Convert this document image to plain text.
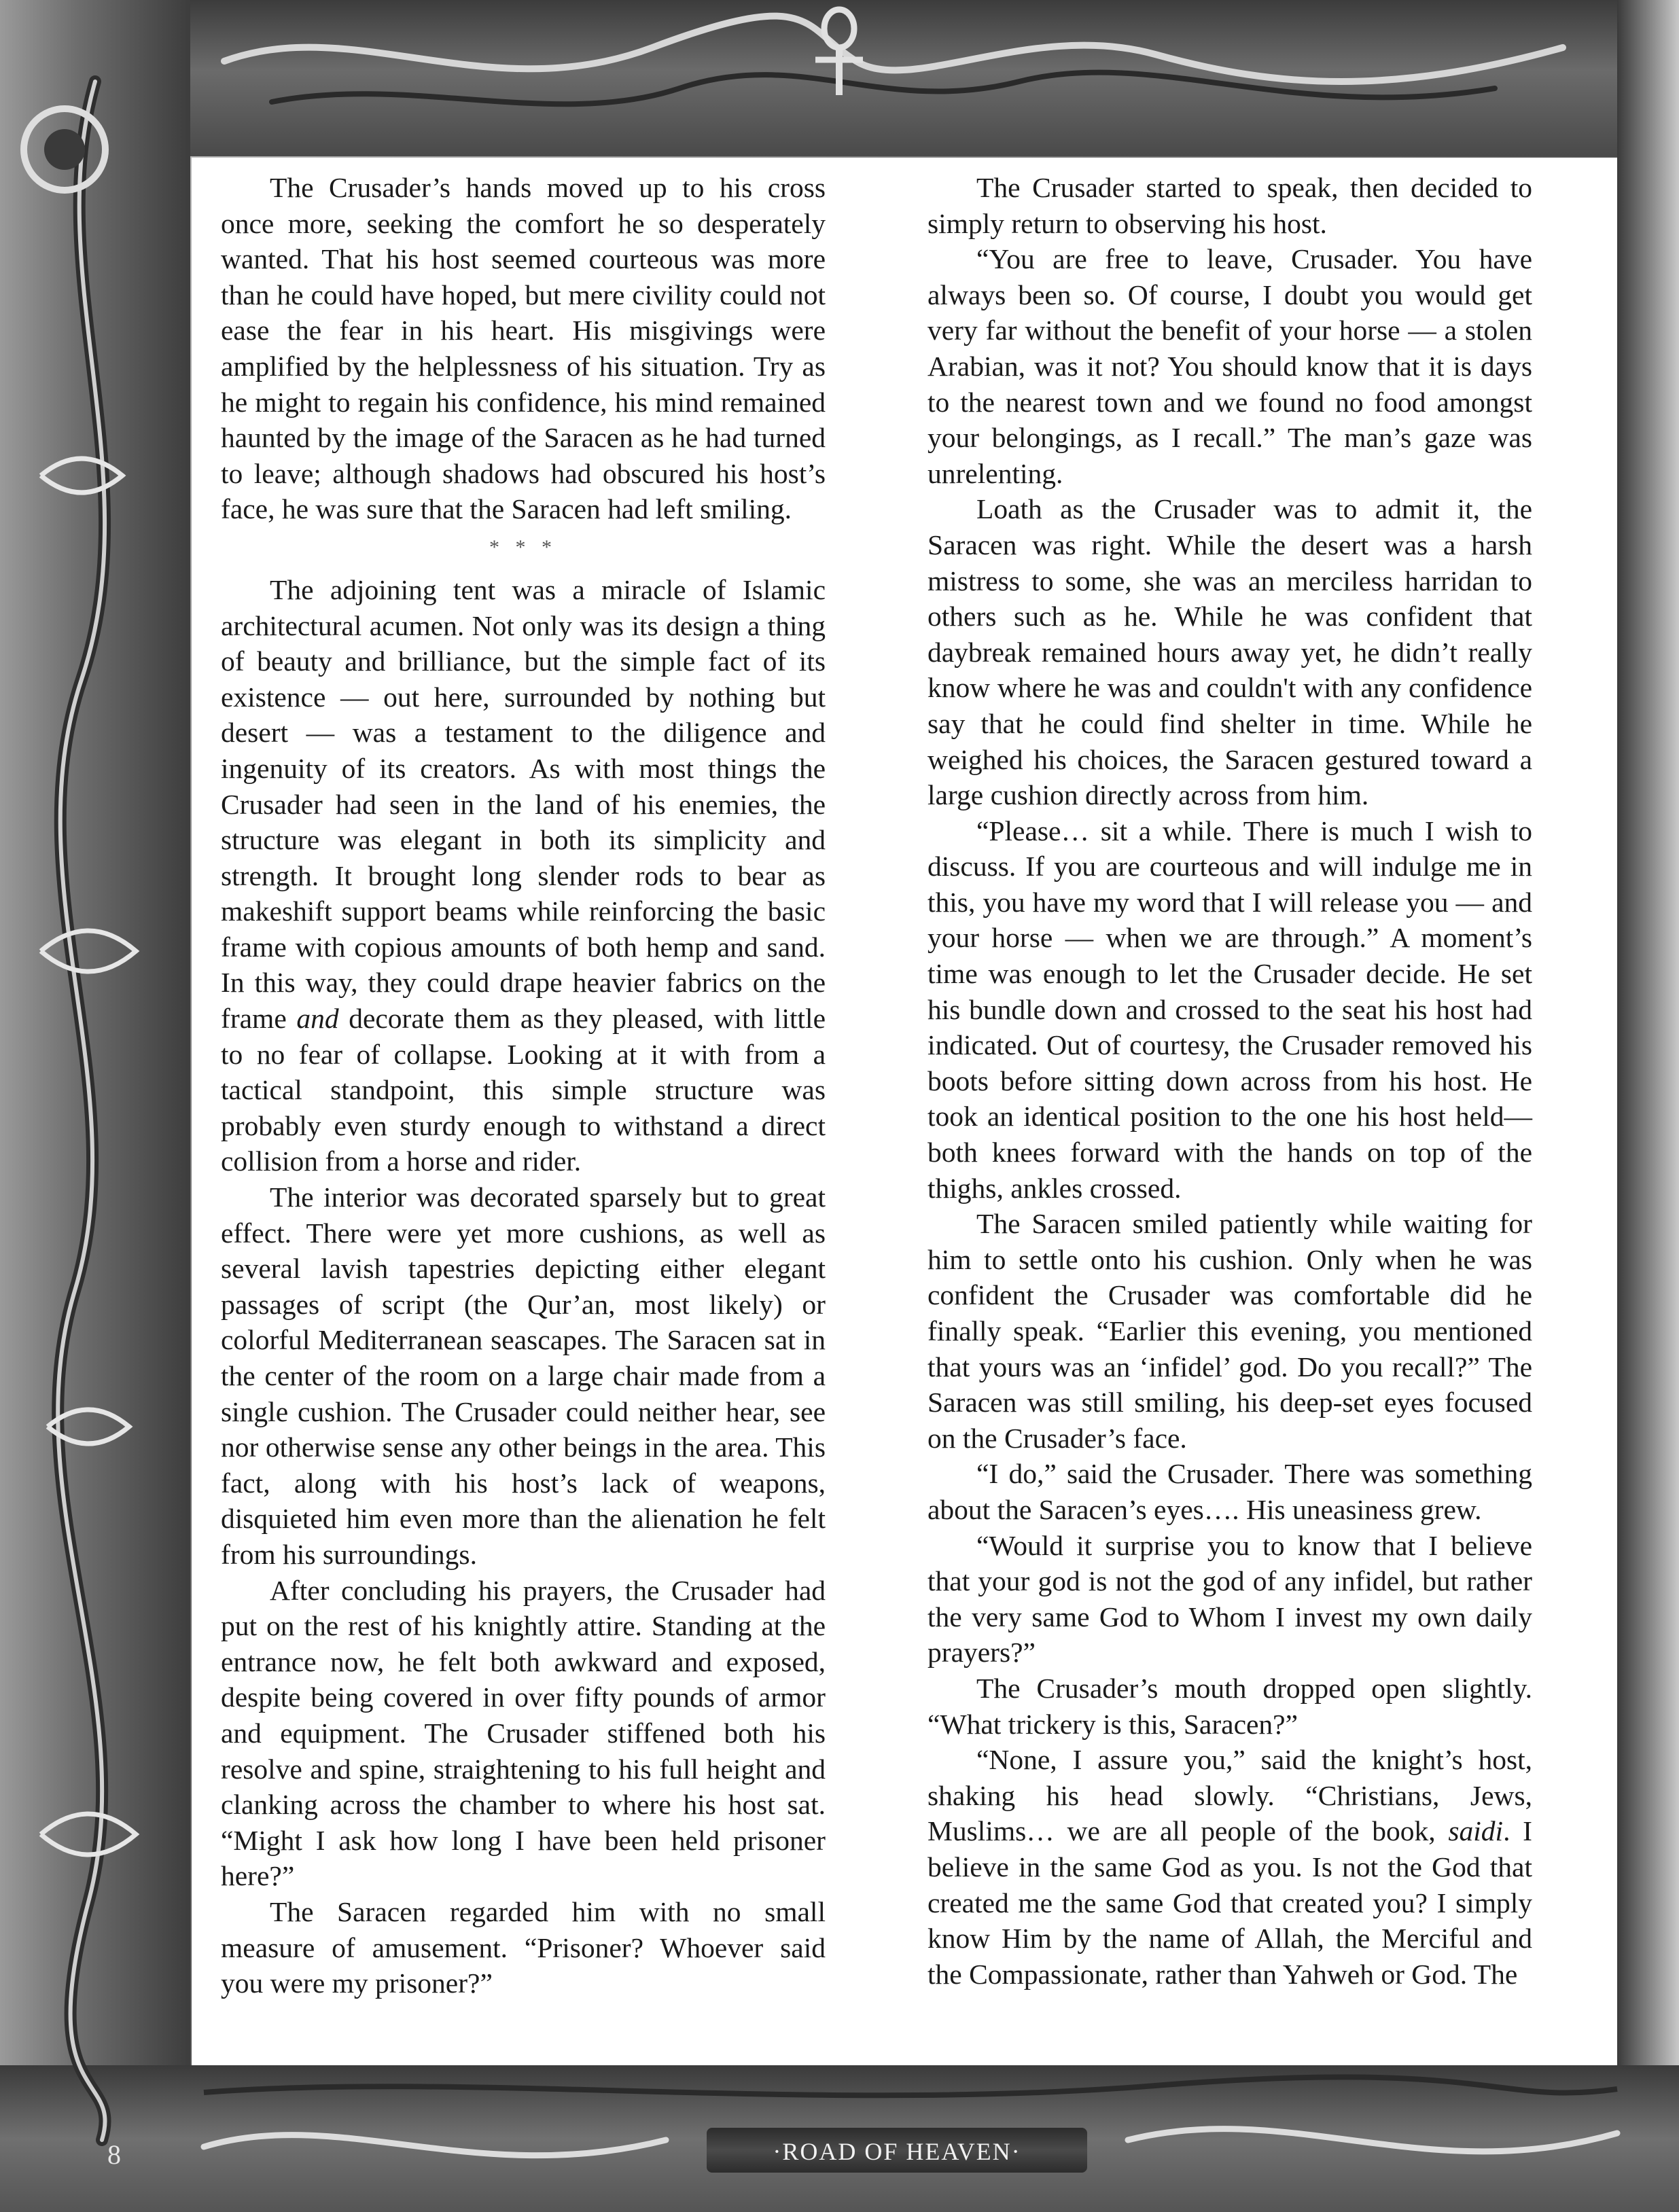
8	·ROAD OF HEAVEN·

The Crusader’s hands moved up to his cross once more, seeking the comfort he so desperately wanted. That his host seemed courteous was more than he could have hoped, but mere civility could not ease the fear in his heart. His misgivings were amplified by the helplessness of his situation. Try as he might to regain his confidence, his mind remained haunted by the image of the Saracen as he had turned to leave; although shadows had obscured his host’s face, he was sure that the Saracen had left smiling.

* * *

The adjoining tent was a miracle of Islamic architectural acumen. Not only was its design a thing of beauty and brilliance, but the simple fact of its existence — out here, surrounded by nothing but desert — was a testament to the diligence and ingenuity of its creators. As with most things the Crusader had seen in the land of his enemies, the structure was elegant in both its simplicity and strength. It brought long slender rods to bear as makeshift support beams while reinforcing the basic frame with copious amounts of both hemp and sand. In this way, they could drape heavier fabrics on the frame and decorate them as they pleased, with little to no fear of collapse. Looking at it with from a tactical standpoint, this simple structure was probably even sturdy enough to withstand a direct collision from a horse and rider.

The interior was decorated sparsely but to great effect. There were yet more cushions, as well as several lavish tapestries depicting either elegant passages of script (the Qur’an, most likely) or colorful Mediterranean seascapes. The Saracen sat in the center of the room on a large chair made from a single cushion. The Crusader could neither hear, see nor otherwise sense any other beings in the area. This fact, along with his host’s lack of weapons, disquieted him even more than the alienation he felt from his surroundings.

After concluding his prayers, the Crusader had put on the rest of his knightly attire. Standing at the entrance now, he felt both awkward and exposed, despite being covered in over fifty pounds of armor and equipment. The Crusader stiffened both his resolve and spine, straightening to his full height and clanking across the chamber to where his host sat. “Might I ask how long I have been held prisoner here?”

The Saracen regarded him with no small measure of amusement. “Prisoner? Whoever said you were my prisoner?”

The Crusader started to speak, then decided to simply return to observing his host.

“You are free to leave, Crusader. You have always been so. Of course, I doubt you would get very far without the benefit of your horse — a stolen Arabian, was it not? You should know that it is days to the nearest town and we found no food amongst your belongings, as I recall.” The man’s gaze was unrelenting.

Loath as the Crusader was to admit it, the Saracen was right. While the desert was a harsh mistress to some, she was an merciless harridan to others such as he. While he was confident that daybreak remained hours away yet, he didn’t really know where he was and couldn't with any confidence say that he could find shelter in time. While he weighed his choices, the Saracen gestured toward a large cushion directly across from him.

“Please… sit a while. There is much I wish to discuss. If you are courteous and will indulge me in this, you have my word that I will release you — and your horse — when we are through.” A moment’s time was enough to let the Crusader decide. He set his bundle down and crossed to the seat his host had indicated. Out of courtesy, the Crusader removed his boots before sitting down across from his host. He took an identical position to the one his host held— both knees forward with the hands on top of the thighs, ankles crossed.

The Saracen smiled patiently while waiting for him to settle onto his cushion. Only when he was confident the Crusader was comfortable did he finally speak. “Earlier this evening, you mentioned that yours was an ‘infidel’ god. Do you recall?” The Saracen was still smiling, his deep-set eyes focused on the Crusader’s face.

“I do,” said the Crusader. There was something about the Saracen’s eyes…. His uneasiness grew.

“Would it surprise you to know that I believe that your god is not the god of any infidel, but rather the very same God to Whom I invest my own daily prayers?”

The Crusader’s mouth dropped open slightly. “What trickery is this, Saracen?”

“None, I assure you,” said the knight’s host, shaking his head slowly. “Christians, Jews, Muslims… we are all people of the book, saidi. I believe in the same God as you. Is not the God that created me the same God that created you? I simply know Him by the name of Allah, the Merciful and the Compassionate, rather than Yahweh or God. The
